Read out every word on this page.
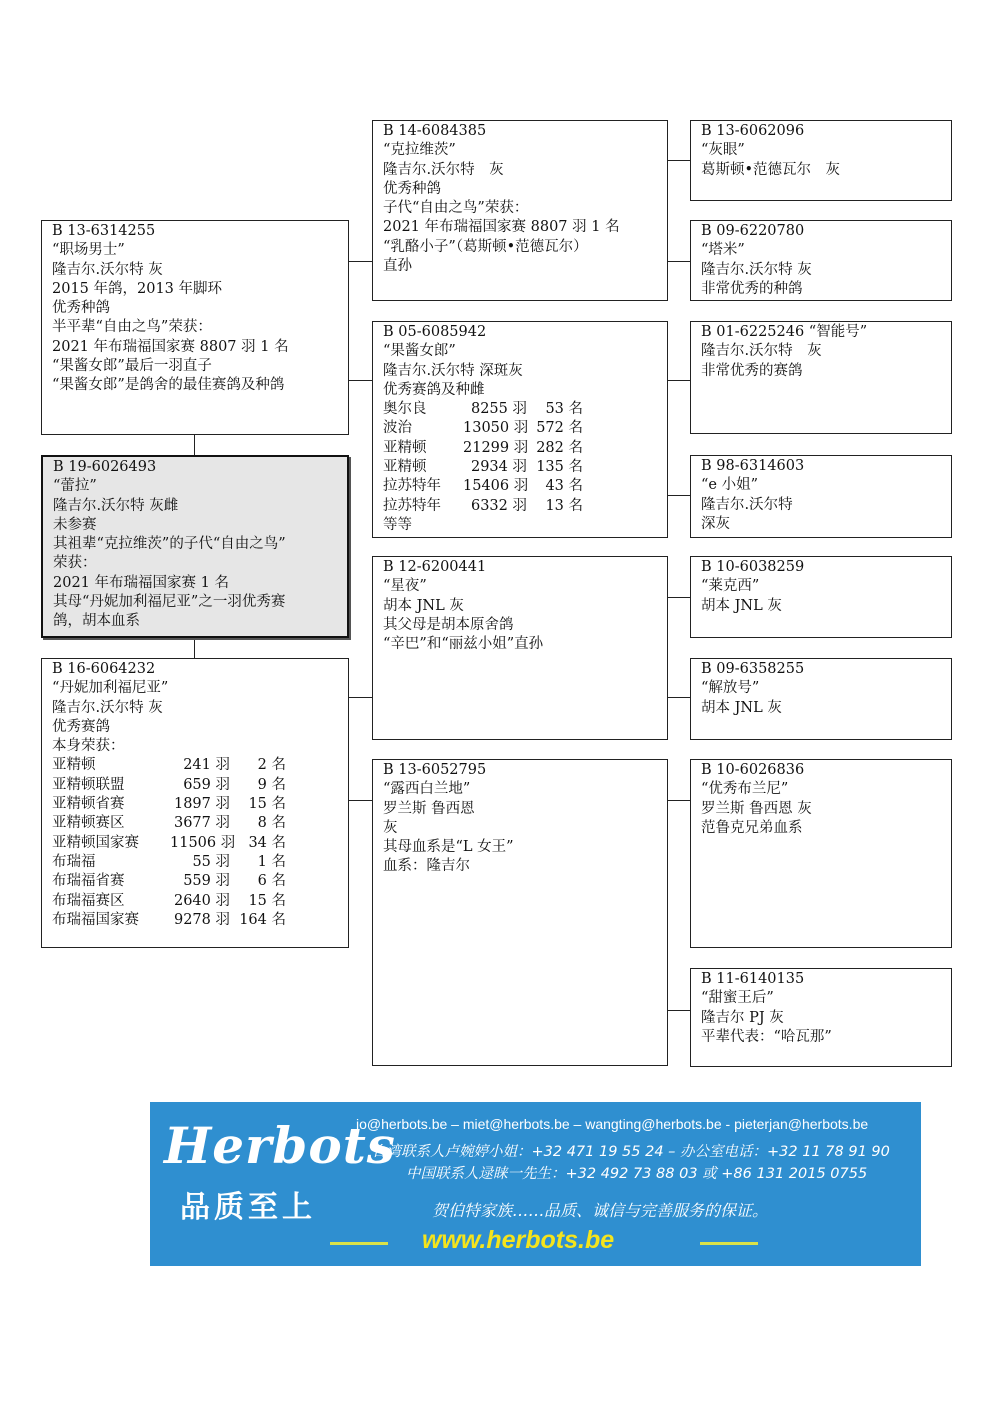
B 13-6314255
“职场男士”
隆吉尔.沃尔特 灰
2015 年鸽，2013 年脚环
优秀种鸽
半平辈“自由之鸟”荣获：
2021 年布瑞福国家赛 8807 羽 1 名
“果酱女郎”最后一羽直子
“果酱女郎”是鸽舍的最佳赛鸽及种鸽
B 19-6026493
“蕾拉”
隆吉尔.沃尔特 灰雌
未参赛
其祖辈“克拉维茨”的子代“自由之鸟”
荣获：
2021 年布瑞福国家赛 1 名
其母“丹妮加利福尼亚”之一羽优秀赛
鸽，胡本血系
B 16-6064232
“丹妮加利福尼亚”
隆吉尔.沃尔特 灰
优秀赛鸽
本身荣获：
亚精顿	241 羽	2 名
亚精顿联盟	659 羽	9 名
亚精顿省赛	1897 羽	15 名
亚精顿赛区	3677 羽	8 名
亚精顿国家赛	11506 羽 34 名
布瑞福	55 羽	1 名
布瑞福省赛	559 羽	6 名
布瑞福赛区	2640 羽	15 名
布瑞福国家赛	9278 羽 164 名
B 14-6084385
“克拉维茨”
隆吉尔.沃尔特　灰
优秀种鸽
子代“自由之鸟”荣获：
2021 年布瑞福国家赛 8807 羽 1 名
“乳酪小子”（葛斯顿•范德瓦尔）
直孙
B 05-6085942
“果酱女郎”
隆吉尔.沃尔特 深斑灰
优秀赛鸽及种雌
奥尔良	8255 羽	53 名
波治	13050 羽 572 名
亚精顿	21299 羽 282 名
亚精顿	2934 羽 135 名
拉苏特年	15406 羽	43 名
拉苏特年	6332 羽	13 名
等等
B 12-6200441
“星夜”
胡本 JNL 灰
其父母是胡本原舍鸽
“辛巴”和“丽兹小姐”直孙
B 13-6052795
“露西白兰地”
罗兰斯 鲁西恩
灰
其母血系是“L 女王”
血系：隆吉尔
B 13-6062096
“灰眼”
葛斯顿•范德瓦尔　灰
B 09-6220780
“塔米”
隆吉尔.沃尔特 灰
非常优秀的种鸽
B 01-6225246 “智能号”
隆吉尔.沃尔特　灰
非常优秀的赛鸽
B 98-6314603
“e 小姐”
隆吉尔.沃尔特
深灰
B 10-6038259
“莱克西”
胡本 JNL 灰
B 09-6358255
“解放号”
胡本 JNL 灰
B 10-6026836
“优秀布兰尼”
罗兰斯 鲁西恩 灰
范鲁克兄弟血系
B 11-6140135
“甜蜜王后”
隆吉尔 PJ 灰
平辈代表：“哈瓦那”
Herbots
品质至上
jo@herbots.be – miet@herbots.be – wangting@herbots.be - pieterjan@herbots.be
台湾联系人卢婉婷小姐：+32 471 19 55 24 – 办公室电话：+32 11 78 91 90
中国联系人逯睐一先生：+32 492 73 88 03 或 +86 131 2015 0755
贺伯特家族……品质、诚信与完善服务的保证。
www.herbots.be
